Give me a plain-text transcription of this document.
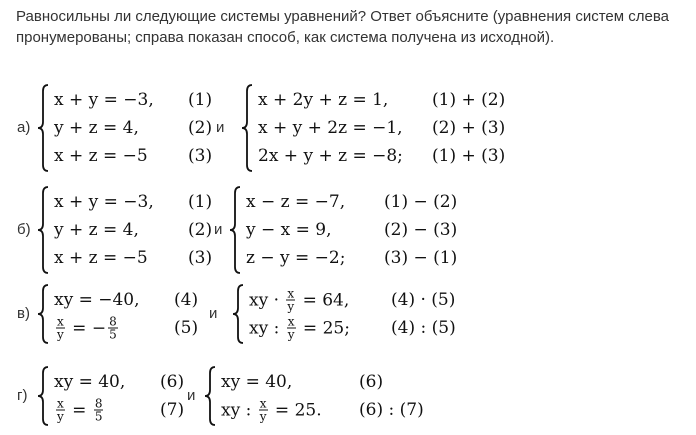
Равносильны ли следующие системы уравнений? Ответ объясните (уравнения систем слева пронумерованы; справа показан способ, как система получена из исходной).
а)
x + y = −3, (1)
y + z = 4,	(2)
x + z = −5 (3)
и
x + 2y + z = 1,	(1) + (2)
x + y + 2z = −1, (2) + (3)
2x + y + z = −8; (1) + (3)
б)
x + y = −3, (1)
y + z = 4,	(2)
x + z = −5 (3)
и
x − z = −7, (1) − (2)
y − x = 9,	(2) − (3)
z − y = −2; (3) − (1)
в)
xy = −40, (4)
$\frac{x}{y}$ = − $\frac{8}{5}$	(5)
и
xy · $\frac{x}{y} = 64$, (4) · (5)
xy : $\frac{x}{y} = 25$; (4) : (5)
г)
xy = 40, (6)
$\frac{x}{y} = \frac{8}{5}$	(7)
и
xy = 40,	(6)
xy : $\frac{x}{y} = 25$. (6) : (7)
